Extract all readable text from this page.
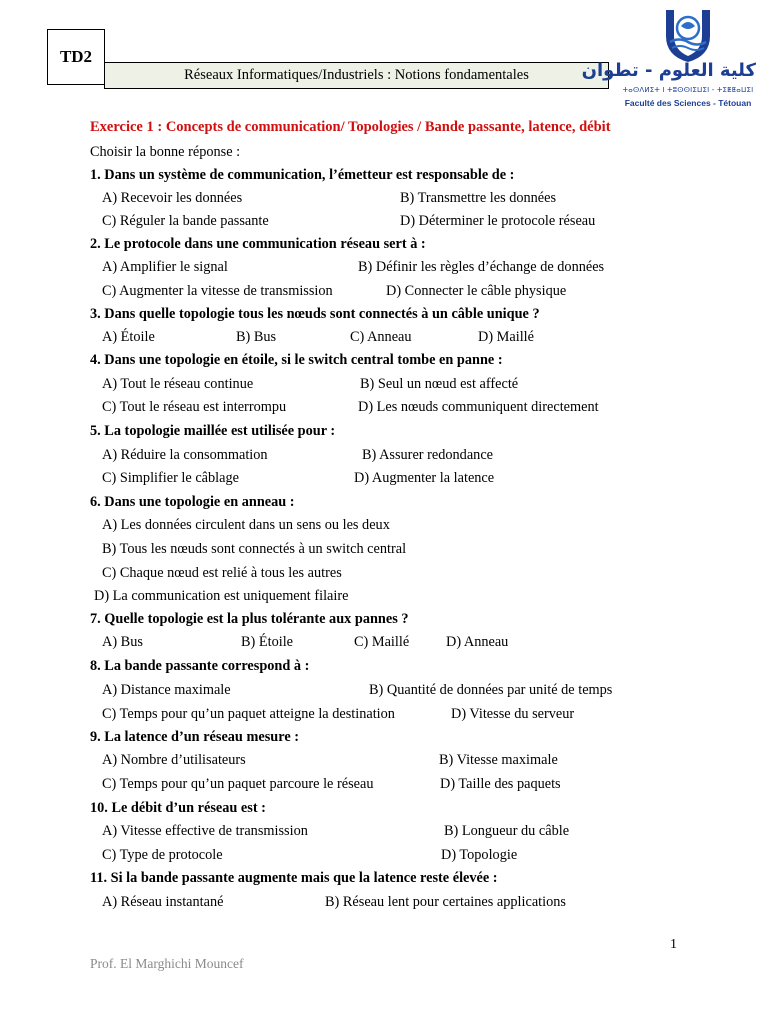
TD2
Réseaux Informatiques/Industriels : Notions fondamentales	كلية العلوم - تطوان
ⵜⴰⵙⴷⵍⵉⵜ ⵏ ⵜⵓⵙⵙⵏⵉⵡⵉⵏ - ⵜⵉⵟⵟⴰⵡⵉⵏ
Faculté des Sciences - Tétouan
Exercice 1 : Concepts de communication/ Topologies / Bande passante, latence, débit
Choisir la bonne réponse :
1. Dans un système de communication, l’émetteur est responsable de :
A) Recevoir les données	B) Transmettre les données
C) Réguler la bande passante	D) Déterminer le protocole réseau
2. Le protocole dans une communication réseau sert à :
A) Amplifier le signal	B) Définir les règles d’échange de données
C) Augmenter la vitesse de transmission	D) Connecter le câble physique
3. Dans quelle topologie tous les nœuds sont connectés à un câble unique ?
A) Étoile	B) Bus	C) Anneau	D) Maillé
4. Dans une topologie en étoile, si le switch central tombe en panne :
A) Tout le réseau continue	B) Seul un nœud est affecté
C) Tout le réseau est interrompu	D) Les nœuds communiquent directement
5. La topologie maillée est utilisée pour :
A) Réduire la consommation	B) Assurer redondance
C) Simplifier le câblage	D) Augmenter la latence
6. Dans une topologie en anneau :
A) Les données circulent dans un sens ou les deux
B) Tous les nœuds sont connectés à un switch central
C) Chaque nœud est relié à tous les autres
D) La communication est uniquement filaire
7. Quelle topologie est la plus tolérante aux pannes ?
A) Bus	B) Étoile	C) Maillé	D) Anneau
8. La bande passante correspond à :
A) Distance maximale	B) Quantité de données par unité de temps
C) Temps pour qu’un paquet atteigne la destination	D) Vitesse du serveur
9. La latence d’un réseau mesure :
A) Nombre d’utilisateurs	B) Vitesse maximale
C) Temps pour qu’un paquet parcoure le réseau	D) Taille des paquets
10. Le débit d’un réseau est :
A) Vitesse effective de transmission	B) Longueur du câble
C) Type de protocole	D) Topologie
11. Si la bande passante augmente mais que la latence reste élevée :
A) Réseau instantané	B) Réseau lent pour certaines applications
1
Prof. El Marghichi Mouncef
